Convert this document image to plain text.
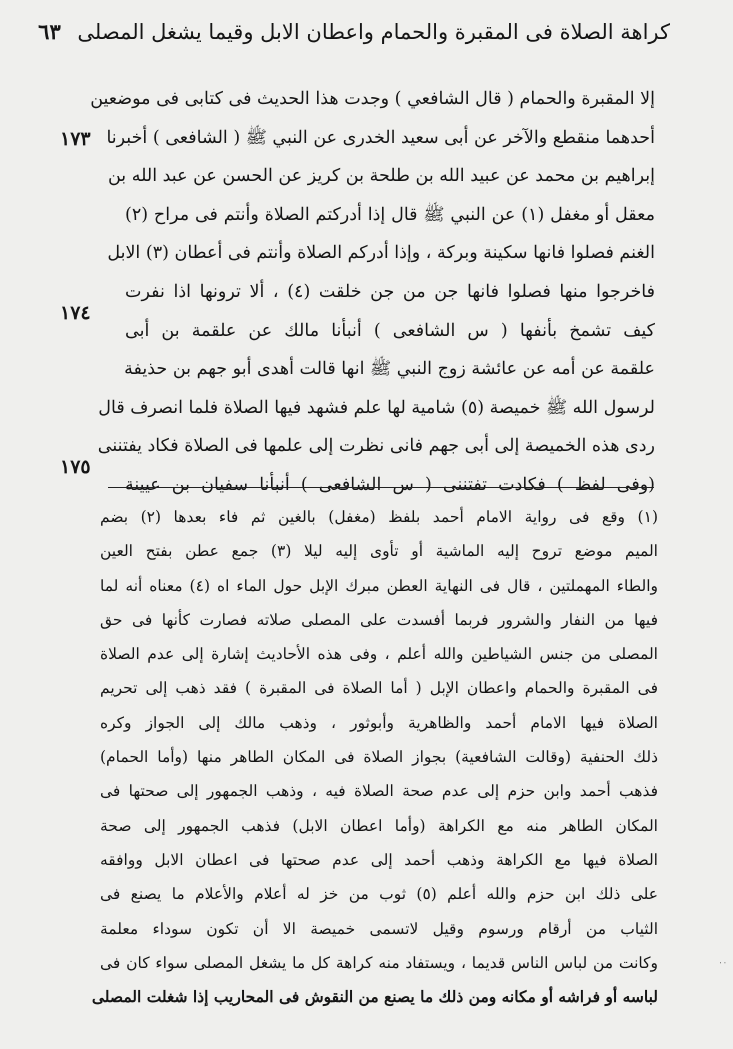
كراهة الصلاة فى المقبرة والحمام واعطان الابل وقيما يشغل المصلى ٦٣
إلا المقبرة والحمام ( قال الشافعي ) وجدت هذا الحديث فى كتابى فى موضعين
أحدهما منقطع والآخر عن أبى سعيد الخدرى عن النبي ﷺ ( الشافعى ) أخبرنا
إبراهيم بن محمد عن عبيد الله بن طلحة بن كريز عن الحسن عن عبد الله بن
معقل أو مغفل (١) عن النبي ﷺ قال إذا أدركتم الصلاة وأنتم فى مراح (٢)
الغنم فصلوا فانها سكينة وبركة ، وإذا أدركم الصلاة وأنتم فى أعطان (٣) الابل
فاخرجوا منها فصلوا فانها جن من جن خلقت (٤) ، ألا ترونها اذا نفرت
كيف تشمخ بأنفها ( س الشافعى ) أنبأنا مالك عن علقمة بن أبى
علقمة عن أمه عن عائشة زوج النبي ﷺ انها قالت أهدى أبو جهم بن حذيفة
لرسول الله ﷺ خميصة (٥) شامية لها علم فشهد فيها الصلاة فلما انصرف قال
ردى هذه الخميصة إلى أبى جهم فانى نظرت إلى علمها فى الصلاة فكاد يفتننى
(وفى لفظ ) فكادت تفتننى ( س الشافعى ) أنبأنا سفيان بن عيينة
١٧٣
١٧٤
١٧٥
(١) وقع فى رواية الامام أحمد بلفظ (مغفل) بالغين ثم فاء بعدها (٢) بضم
الميم موضع تروح إليه الماشية أو تأوى إليه ليلا (٣) جمع عطن بفتح العين
والطاء المهملتين ، قال فى النهاية العطن مبرك الإبل حول الماء اه (٤) معناه أنه لما
فيها من النفار والشرور فربما أفسدت على المصلى صلاته فصارت كأنها فى حق
المصلى من جنس الشياطين والله أعلم ، وفى هذه الأحاديث إشارة إلى عدم الصلاة
فى المقبرة والحمام واعطان الإبل ( أما الصلاة فى المقبرة ) فقد ذهب إلى تحريم
الصلاة فيها الامام أحمد والظاهرية وأبوثور ، وذهب مالك إلى الجواز وكره
ذلك الحنفية (وقالت الشافعية) بجواز الصلاة فى المكان الطاهر منها (وأما الحمام)
فذهب أحمد وابن حزم إلى عدم صحة الصلاة فيه ، وذهب الجمهور إلى صحتها فى
المكان الطاهر منه مع الكراهة (وأما اعطان الابل) فذهب الجمهور إلى صحة
الصلاة فيها مع الكراهة وذهب أحمد إلى عدم صحتها فى اعطان الابل ووافقه
على ذلك ابن حزم والله أعلم (٥) ثوب من خز له أعلام والأعلام ما يصنع فى
الثياب من أرقام ورسوم وقيل لاتسمى خميصة الا أن تكون سوداء معلمة
وكانت من لباس الناس قديما ، ويستفاد منه كراهة كل ما يشغل المصلى سواء كان فى
لباسه أو فراشه أو مكانه ومن ذلك ما يصنع من النقوش فى المحاريب إذا شغلت المصلى
٠٠
